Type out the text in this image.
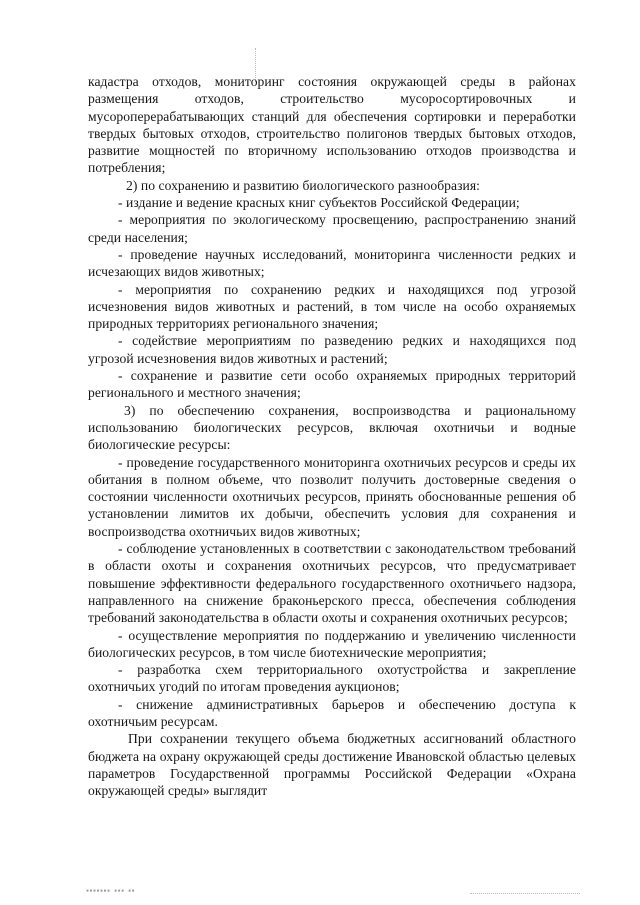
кадастра отходов, мониторинг состояния окружающей среды в районах размещения отходов, строительство мусоросортировочных и мусороперерабатывающих станций для обеспечения сортировки и переработки твердых бытовых отходов, строительство полигонов твердых бытовых отходов, развитие мощностей по вторичному использованию отходов производства и потребления;

2) по сохранению и развитию биологического разнообразия:

- издание и ведение красных книг субъектов Российской Федерации;

- мероприятия по экологическому просвещению, распространению знаний среди населения;

- проведение научных исследований, мониторинга численности редких и исчезающих видов животных;

- мероприятия по сохранению редких и находящихся под угрозой исчезновения видов животных и растений, в том числе на особо охраняемых природных территориях регионального значения;

- содействие мероприятиям по разведению редких и находящихся под угрозой исчезновения видов животных и растений;

- сохранение и развитие сети особо охраняемых природных территорий регионального и местного значения;

3) по обеспечению сохранения, воспроизводства и рациональному использованию биологических ресурсов, включая охотничьи и водные биологические ресурсы:

- проведение государственного мониторинга охотничьих ресурсов и среды их обитания в полном объеме, что позволит получить достоверные сведения о состоянии численности охотничьих ресурсов, принять обоснованные решения об установлении лимитов их добычи, обеспечить условия для сохранения и воспроизводства охотничьих видов животных;

- соблюдение установленных в соответствии с законодательством требований в области охоты и сохранения охотничьих ресурсов, что предусматривает повышение эффективности федерального государственного охотничьего надзора, направленного на снижение браконьерского пресса, обеспечения соблюдения требований законодательства в области охоты и сохранения охотничьих ресурсов;

- осуществление мероприятия по поддержанию и увеличению численности биологических ресурсов, в том числе биотехнические мероприятия;

- разработка схем территориального охотустройства и закрепление охотничьих угодий по итогам проведения аукционов;

- снижение административных барьеров и обеспечению доступа к охотничьим ресурсам.

При сохранении текущего объема бюджетных ассигнований областного бюджета на охрану окружающей среды достижение Ивановской областью целевых параметров Государственной программы Российской Федерации «Охрана окружающей среды» выглядит

▪▪▪▪▪▪▪ ▪▪▪ ▪▪
